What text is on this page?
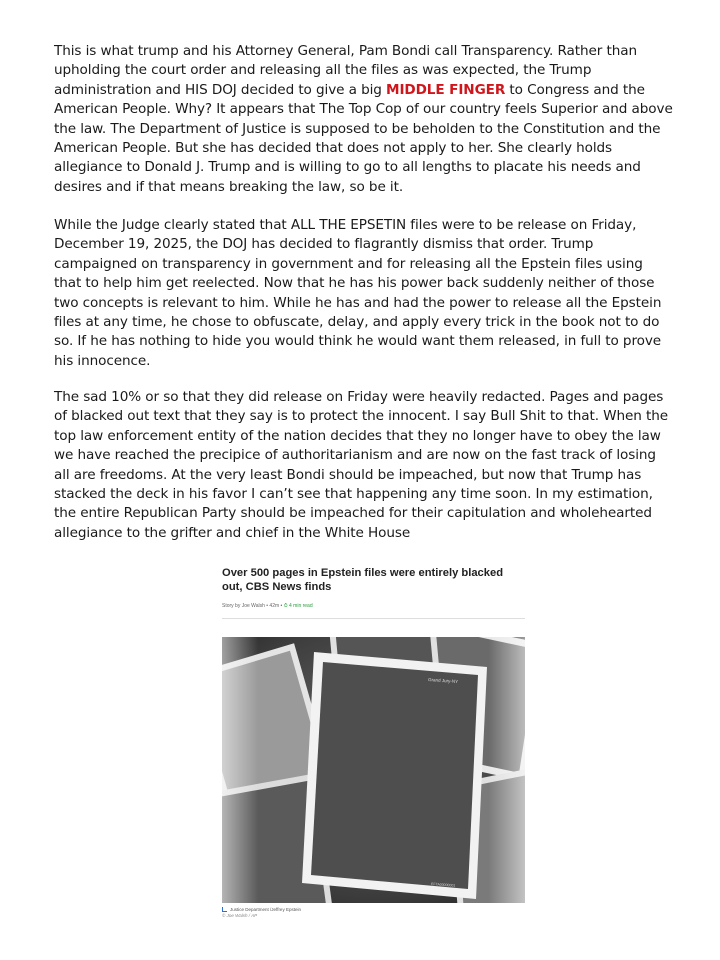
This is what trump and his Attorney General, Pam Bondi call Transparency. Rather than upholding the court order and releasing all the files as was expected, the Trump administration and HIS DOJ decided to give a big MIDDLE FINGER to Congress and the American People. Why? It appears that The Top Cop of our country feels Superior and above the law. The Department of Justice is supposed to be beholden to the Constitution and the American People. But she has decided that does not apply to her. She clearly holds allegiance to Donald J. Trump and is willing to go to all lengths to placate his needs and desires and if that means breaking the law, so be it.
While the Judge clearly stated that ALL THE EPSETIN files were to be release on Friday, December 19, 2025, the DOJ has decided to flagrantly dismiss that order. Trump campaigned on transparency in government and for releasing all the Epstein files using that to help him get reelected. Now that he has his power back suddenly neither of those two concepts is relevant to him. While he has and had the power to release all the Epstein files at any time, he chose to obfuscate, delay, and apply every trick in the book not to do so. If he has nothing to hide you would think he would want them released, in full to prove his innocence.
The sad 10% or so that they did release on Friday were heavily redacted. Pages and pages of blacked out text that they say is to protect the innocent. I say Bull Shit to that. When the top law enforcement entity of the nation decides that they no longer have to obey the law we have reached the precipice of authoritarianism and are now on the fast track of losing all are freedoms. At the very least Bondi should be impeached, but now that Trump has stacked the deck in his favor I can’t see that happening any time soon. In my estimation, the entire Republican Party should be impeached for their capitulation and wholehearted allegiance to the grifter and chief in the White House

Over 500 pages in Epstein files were entirely blacked out, CBS News finds

Story by Joe Walsh • 42m • ⏱ 4 min read
Justice Department /Jeffrey Epstein
© Joe Walsh / AP
